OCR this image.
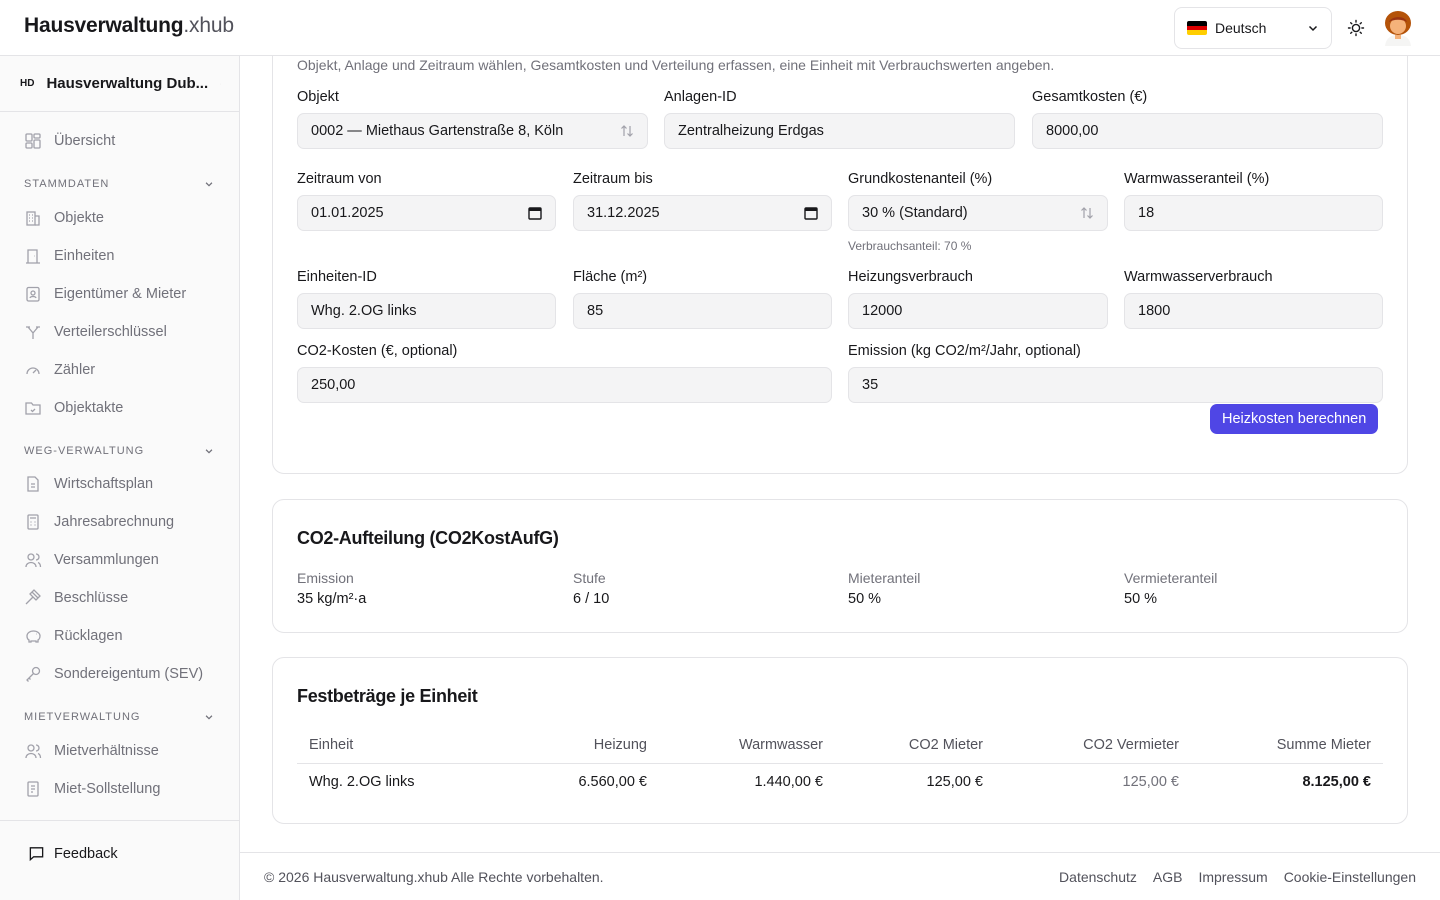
Hausverwaltung.xhub	Deutsch
HD Hausverwaltung Dub...
Übersicht
STAMMDATEN
Objekte
Einheiten
Eigentümer & Mieter
Verteilerschlüssel
Zähler
Objektakte
WEG-VERWALTUNG
Wirtschaftsplan
Jahresabrechnung
Versammlungen
Beschlüsse
Rücklagen
Sondereigentum (SEV)
MIETVERWALTUNG
Mietverhältnisse
Miet-Sollstellung
Feedback
Objekt, Anlage und Zeitraum wählen, Gesamtkosten und Verteilung erfassen, eine Einheit mit Verbrauchswerten angeben.
Objekt
0002 — Miethaus Gartenstraße 8, Köln
Anlagen-ID
Zentralheizung Erdgas
Gesamtkosten (€)
8000,00
Zeitraum von
01.01.2025
Zeitraum bis
31.12.2025
Grundkostenanteil (%)
30 % (Standard)
Verbrauchsanteil: 70 %
Warmwasseranteil (%)
18
Einheiten-ID
Whg. 2.OG links
Fläche (m²)
85
Heizungsverbrauch
12000
Warmwasserverbrauch
1800
CO2-Kosten (€, optional)
250,00
Emission (kg CO2/m²/Jahr, optional)
35
Heizkosten berechnen
CO2-Aufteilung (CO2KostAufG)
Emission
35 kg/m²·a
Stufe
6 / 10
Mieteranteil
50 %
Vermieteranteil
50 %
Festbeträge je Einheit
Einheit	Heizung	Warmwasser	CO2 Mieter	CO2 Vermieter	Summe Mieter
Whg. 2.OG links	6.560,00 €	1.440,00 €	125,00 €	125,00 €	8.125,00 €
© 2026 Hausverwaltung.xhub Alle Rechte vorbehalten.	Datenschutz AGB Impressum Cookie-Einstellungen
